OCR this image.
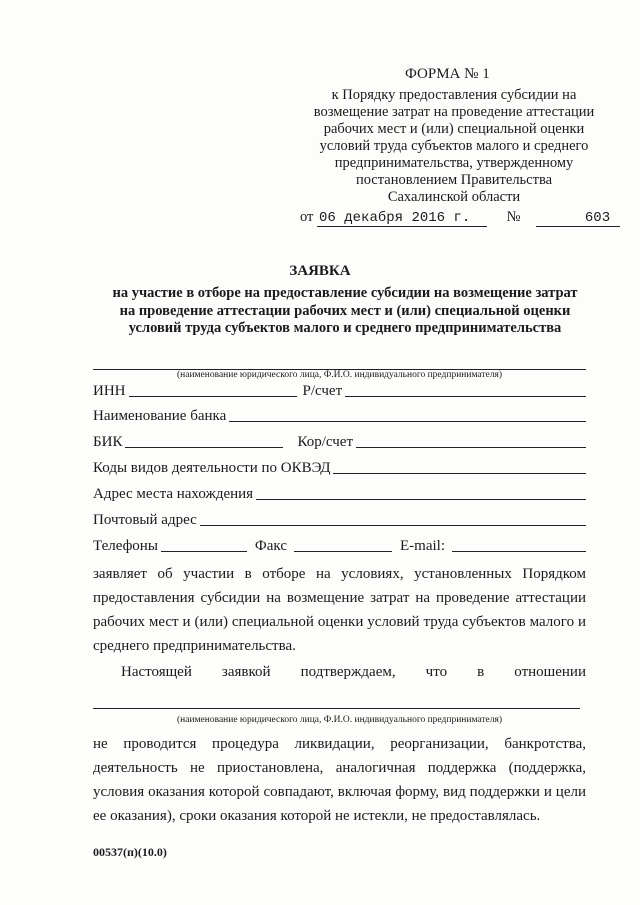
ФОРМА № 1
к Порядку предоставления субсидии на
возмещение затрат на проведение аттестации
рабочих мест и (или) специальной оценки
условий труда субъектов малого и среднего
предпринимательства, утвержденному
постановлением Правительства
Сахалинской области
от 06 декабря 2016 г.	№	603
ЗАЯВКА
на участие в отборе на предоставление субсидии на возмещение затрат
на проведение аттестации рабочих мест и (или) специальной оценки
условий труда субъектов малого и среднего предпринимательства
(наименование юридического лица, Ф.И.О. индивидуального предпринимателя)
ИНН	Р/счет
Наименование банка
БИК	Кор/счет
Коды видов деятельности по ОКВЭД
Адрес места нахождения
Почтовый адрес
Телефоны	Факс	E-mail:
заявляет об участии в отборе на условиях, установленных Порядком предоставления субсидии на возмещение затрат на проведение аттестации рабочих мест и (или) специальной оценки условий труда субъектов малого и среднего предпринимательства.
Настоящей заявкой подтверждаем, что в отношении
(наименование юридического лица, Ф.И.О. индивидуального предпринимателя)
не проводится процедура ликвидации, реорганизации, банкротства, деятельность не приостановлена, аналогичная поддержка (поддержка, условия оказания которой совпадают, включая форму, вид поддержки и цели ее оказания), сроки оказания которой не истекли, не предоставлялась.
00537(п)(10.0)
